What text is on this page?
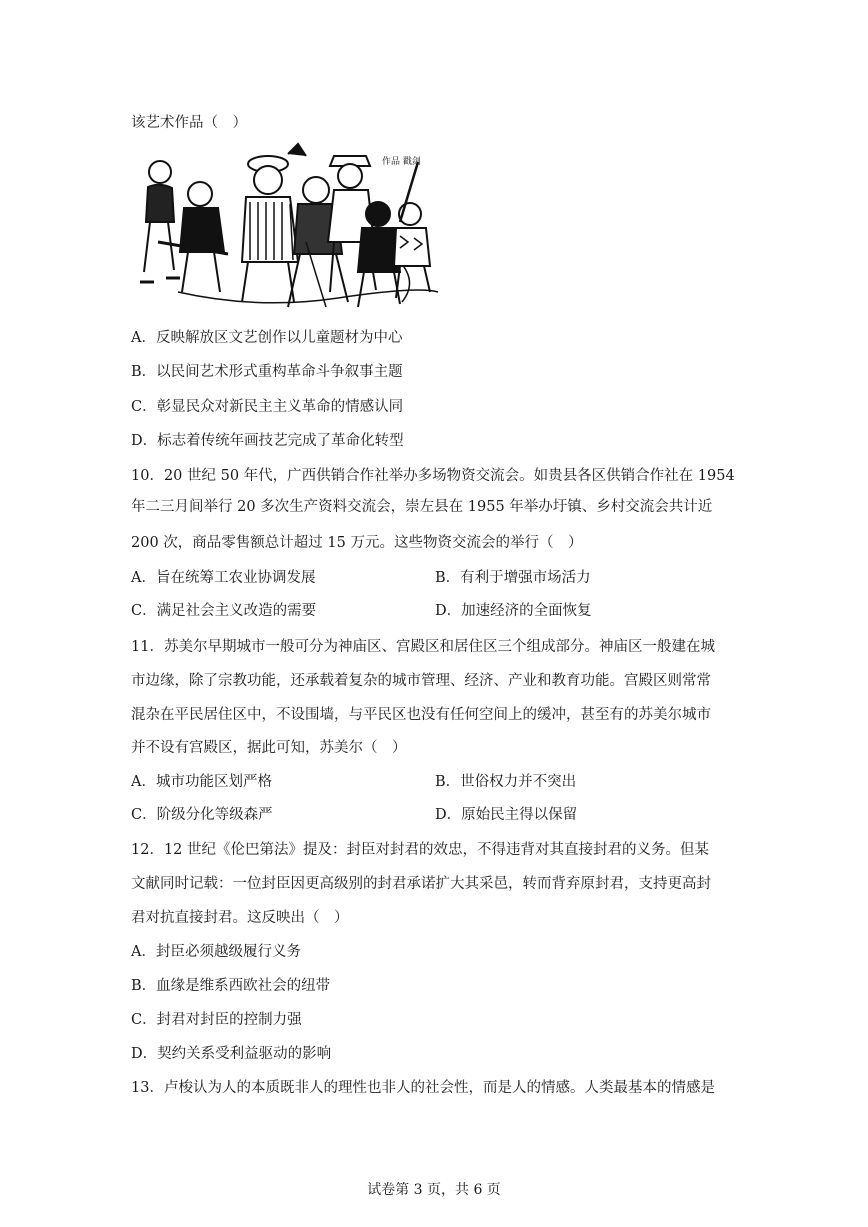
该艺术作品（　）
作品 戳剑
A．反映解放区文艺创作以儿童题材为中心
B．以民间艺术形式重构革命斗争叙事主题
C．彰显民众对新民主主义革命的情感认同
D．标志着传统年画技艺完成了革命化转型
10．20 世纪 50 年代，广西供销合作社举办多场物资交流会。如贵县各区供销合作社在 1954
年二三月间举行 20 多次生产资料交流会，崇左县在 1955 年举办圩镇、乡村交流会共计近
200 次，商品零售额总计超过 15 万元。这些物资交流会的举行（　）
A．旨在统筹工农业协调发展	B．有利于增强市场活力
C．满足社会主义改造的需要	D．加速经济的全面恢复
11．苏美尔早期城市一般可分为神庙区、宫殿区和居住区三个组成部分。神庙区一般建在城
市边缘，除了宗教功能，还承载着复杂的城市管理、经济、产业和教育功能。宫殿区则常常
混杂在平民居住区中，不设围墙，与平民区也没有任何空间上的缓冲，甚至有的苏美尔城市
并不设有宫殿区，据此可知，苏美尔（　）
A．城市功能区划严格	B．世俗权力并不突出
C．阶级分化等级森严	D．原始民主得以保留
12．12 世纪《伦巴第法》提及：封臣对封君的效忠，不得违背对其直接封君的义务。但某
文献同时记载：一位封臣因更高级别的封君承诺扩大其采邑，转而背弃原封君，支持更高封
君对抗直接封君。这反映出（　）
A．封臣必须越级履行义务
B．血缘是维系西欧社会的纽带
C．封君对封臣的控制力强
D．契约关系受利益驱动的影响
13．卢梭认为人的本质既非人的理性也非人的社会性，而是人的情感。人类最基本的情感是
试卷第 3 页，共 6 页
